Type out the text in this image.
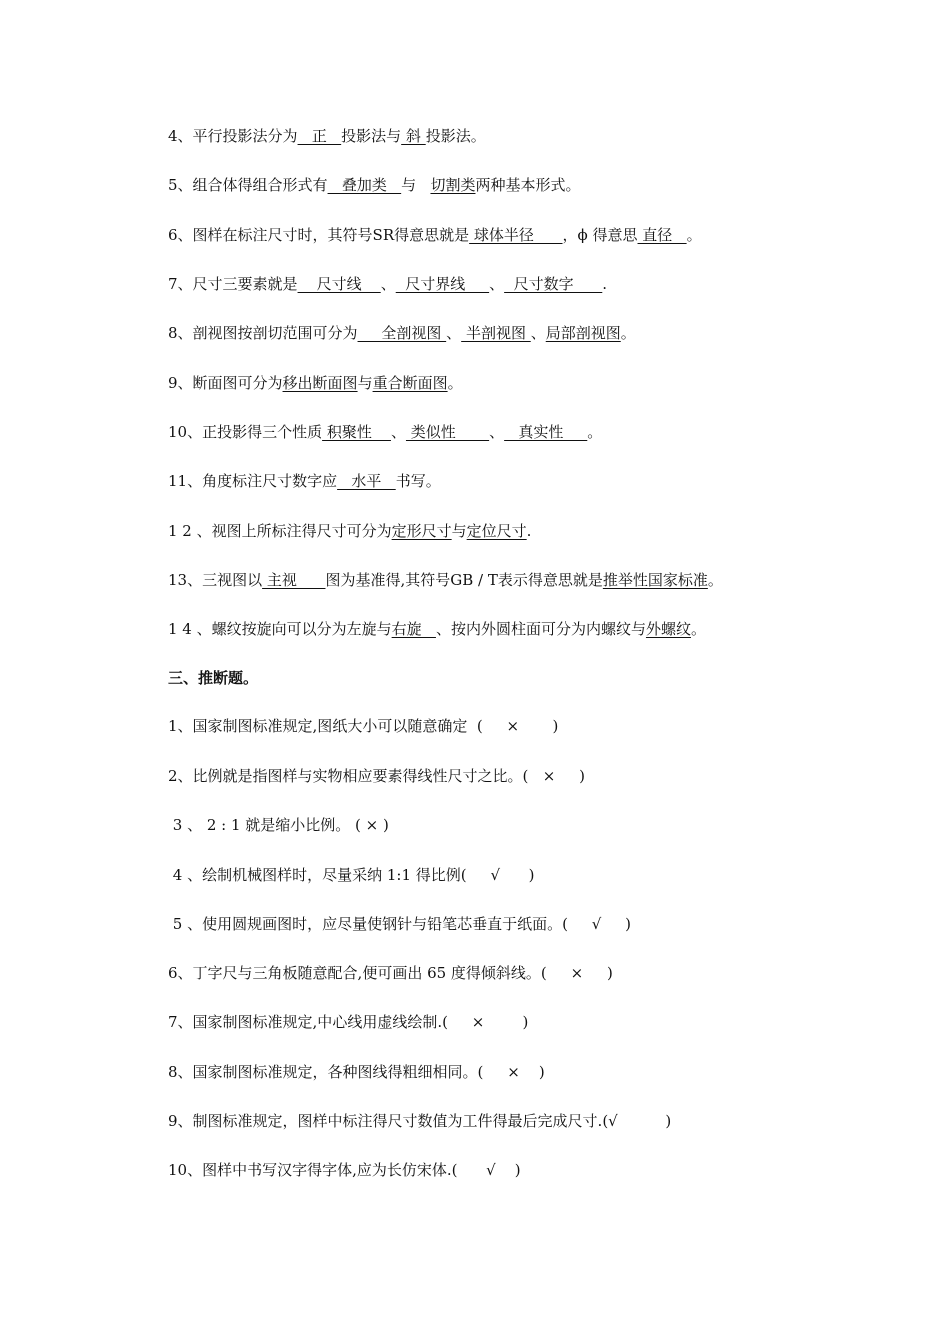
4、平行投影法分为   正   投影法与 斜 投影法。
5、组合体得组合形式有   叠加类   与   切割类两种基本形式。
6、图样在标注尺寸时，其符号SR得意思就是 球体半径      ，ϕ 得意思 直径   。
7、尺寸三要素就是    尺寸线    、  尺寸界线     、  尺寸数字      .
8、剖视图按剖切范围可分为     全剖视图 、 半剖视图 、局部剖视图。
9、断面图可分为移出断面图与重合断面图。
10、正投影得三个性质 积聚性    、 类似性       、   真实性     。
11、角度标注尺寸数字应   水平   书写。
1 2 、视图上所标注得尺寸可分为定形尺寸与定位尺寸.
13、三视图以 主视      图为基准得,其符号GB / T表示得意思就是推举性国家标准。
1 4 、螺纹按旋向可以分为左旋与右旋   、按内外圆柱面可分为内螺纹与外螺纹。
三、推断题。
1、国家制图标准规定,图纸大小可以随意确定  (     ×       )
2、比例就是指图样与实物相应要素得线性尺寸之比。(   ×     )
3 、 2 : 1 就是缩小比例。 ( × )
4 、绘制机械图样时，尽量采纳 1:1 得比例(     √      )
5 、使用圆规画图时，应尽量使钢针与铅笔芯垂直于纸面。(     √     )
6、丁字尺与三角板随意配合,便可画出 65 度得倾斜线。(     ×     )
7、国家制图标准规定,中心线用虚线绘制.(     ×        )
8、国家制图标准规定，各种图线得粗细相同。(     ×    )
9、制图标准规定，图样中标注得尺寸数值为工件得最后完成尺寸.(√          )
10、图样中书写汉字得字体,应为长仿宋体.(      √    )
